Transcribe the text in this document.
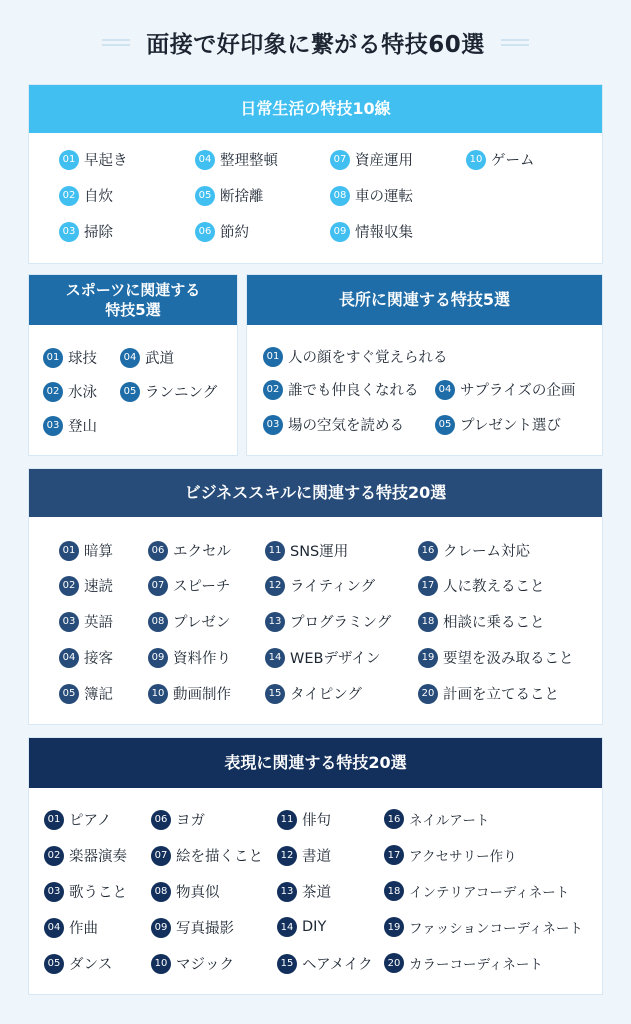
面接で好印象に繋がる特技60選
日常生活の特技10線
01 早起き
02 自炊
03 掃除
04 整理整頓
05 断捨離
06 節約
07 資産運用
08 車の運転
09 情報収集
10 ゲーム
スポーツに関連する
特技5選
01 球技
02 水泳
03 登山
04 武道
05 ランニング
長所に関連する特技5選
01 人の顔をすぐ覚えられる
02 誰でも仲良くなれる
03 場の空気を読める
04 サプライズの企画
05 プレゼント選び
ビジネススキルに関連する特技20選
01 暗算
02 速読
03 英語
04 接客
05 簿記
06 エクセル
07 スピーチ
08 プレゼン
09 資料作り
10 動画制作
11 SNS運用
12 ライティング
13 プログラミング
14 WEBデザイン
15 タイピング
16 クレーム対応
17 人に教えること
18 相談に乗ること
19 要望を汲み取ること
20 計画を立てること
表現に関連する特技20選
01 ピアノ
02 楽器演奏
03 歌うこと
04 作曲
05 ダンス
06 ヨガ
07 絵を描くこと
08 物真似
09 写真撮影
10 マジック
11 俳句
12 書道
13 茶道
14 DIY
15 ヘアメイク
16 ネイルアート
17 アクセサリー作り
18 インテリアコーディネート
19 ファッションコーディネート
20 カラーコーディネート
